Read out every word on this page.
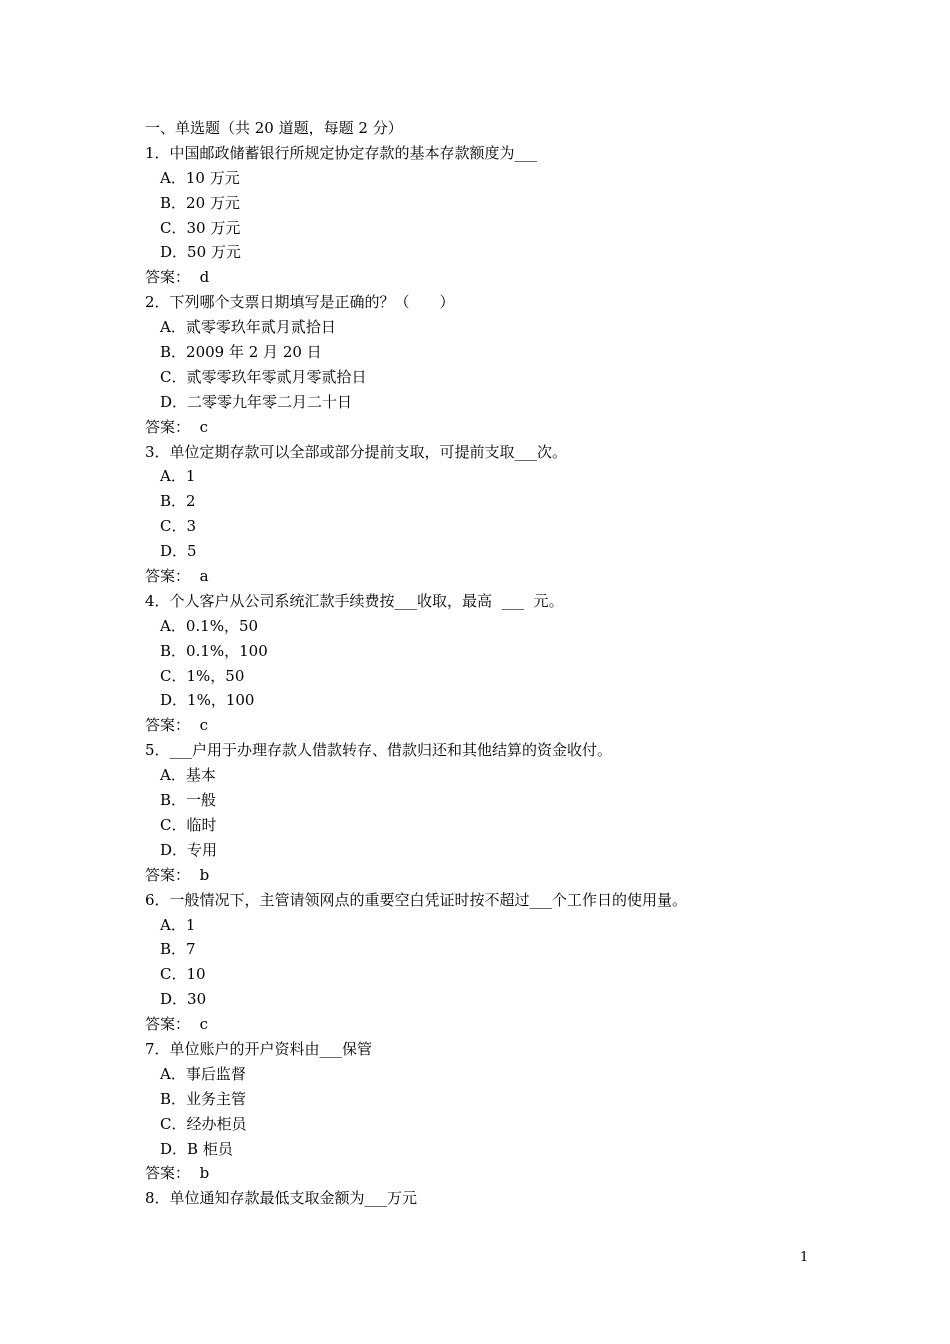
一、单选题（共 20 道题，每题 2 分）
1．中国邮政储蓄银行所规定协定存款的基本存款额度为___
A．10 万元
B．20 万元
C．30 万元
D．50 万元
答案： d
2．下列哪个支票日期填写是正确的？（　　）
A．贰零零玖年贰月贰拾日
B．2009 年 2 月 20 日
C．贰零零玖年零贰月零贰拾日
D．二零零九年零二月二十日
答案： c
3．单位定期存款可以全部或部分提前支取，可提前支取___次。
A．1
B．2
C．3
D．5
答案： a
4．个人客户从公司系统汇款手续费按___收取，最高  ___  元。
A．0.1%，50
B．0.1%，100
C．1%，50
D．1%，100
答案： c
5．___户用于办理存款人借款转存、借款归还和其他结算的资金收付。
A．基本
B．一般
C．临时
D．专用
答案： b
6．一般情况下，主管请领网点的重要空白凭证时按不超过___个工作日的使用量。
A．1
B．7
C．10
D．30
答案： c
7．单位账户的开户资料由___保管
A．事后监督
B．业务主管
C．经办柜员
D．B 柜员
答案： b
8．单位通知存款最低支取金额为___万元
1
